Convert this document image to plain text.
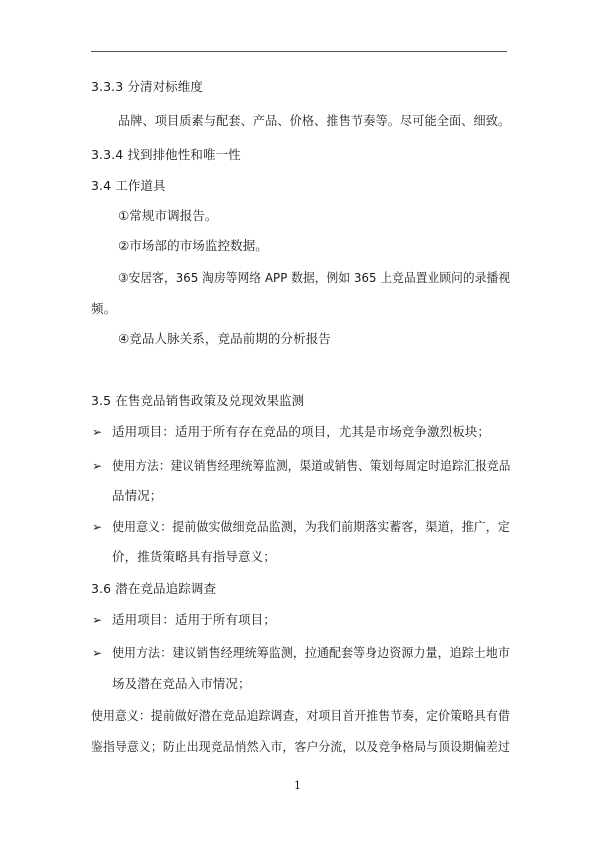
3.3.3 分清对标维度
品牌、项目质素与配套、产品、价格、推售节奏等。尽可能全面、细致。
3.3.4 找到排他性和唯一性
3.4 工作道具
①常规市调报告。
②市场部的市场监控数据。
③安居客，365 淘房等网络 APP 数据，例如 365 上竞品置业顾问的录播视
频。
④竞品人脉关系，竞品前期的分析报告
3.5 在售竞品销售政策及兑现效果监测
➢ 适用项目：适用于所有存在竞品的项目，尤其是市场竞争激烈板块；
➢ 使用方法：建议销售经理统筹监测，渠道或销售、策划每周定时追踪汇报竞品
品情况；
➢ 使用意义：提前做实做细竞品监测，为我们前期落实蓄客，渠道，推广，定
价，推货策略具有指导意义；
3.6 潜在竞品追踪调查
➢ 适用项目：适用于所有项目；
➢ 使用方法：建议销售经理统筹监测，拉通配套等身边资源力量，追踪土地市
场及潜在竞品入市情况；
使用意义：提前做好潜在竞品追踪调查，对项目首开推售节奏，定价策略具有借
鉴指导意义；防止出现竞品悄然入市，客户分流，以及竞争格局与顶设期偏差过
1
